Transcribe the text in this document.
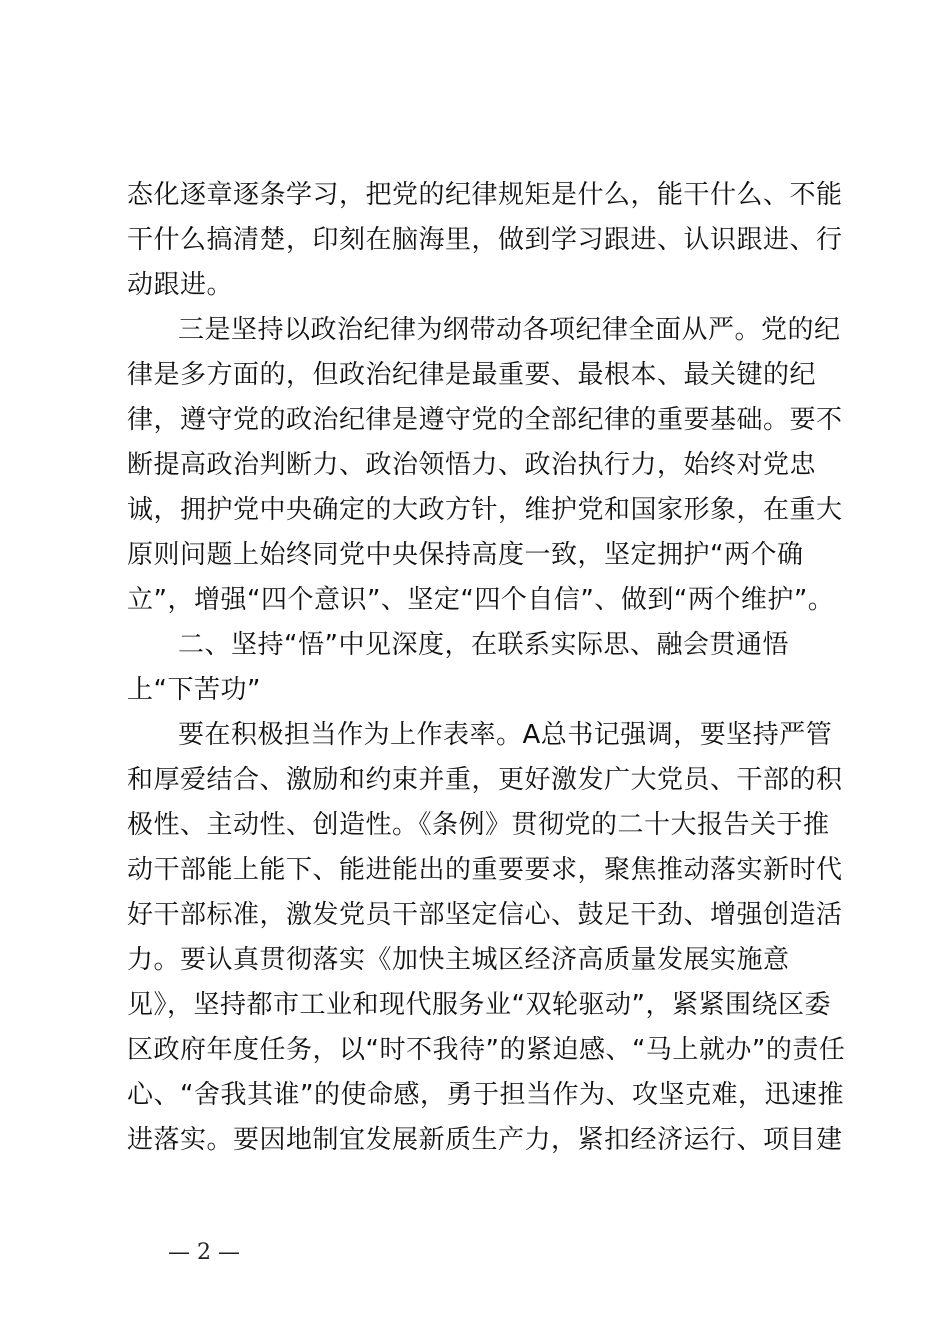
态化逐章逐条学习，把党的纪律规矩是什么，能干什么、不能
干什么搞清楚，印刻在脑海里，做到学习跟进、认识跟进、行
动跟进。
三是坚持以政治纪律为纲带动各项纪律全面从严。党的纪
律是多方面的，但政治纪律是最重要、最根本、最关键的纪
律，遵守党的政治纪律是遵守党的全部纪律的重要基础。要不
断提高政治判断力、政治领悟力、政治执行力，始终对党忠
诚，拥护党中央确定的大政方针，维护党和国家形象，在重大
原则问题上始终同党中央保持高度一致，坚定拥护“两个确
立”，增强“四个意识”、坚定“四个自信”、做到“两个维护”。
二、坚持“悟”中见深度，在联系实际思、融会贯通悟
上“下苦功”
要在积极担当作为上作表率。A总书记强调，要坚持严管
和厚爱结合、激励和约束并重，更好激发广大党员、干部的积
极性、主动性、创造性。《条例》贯彻党的二十大报告关于推
动干部能上能下、能进能出的重要要求，聚焦推动落实新时代
好干部标准，激发党员干部坚定信心、鼓足干劲、增强创造活
力。要认真贯彻落实《加快主城区经济高质量发展实施意
见》，坚持都市工业和现代服务业“双轮驱动”，紧紧围绕区委
区政府年度任务，以“时不我待”的紧迫感、“马上就办”的责任
心、“舍我其谁”的使命感，勇于担当作为、攻坚克难，迅速推
进落实。要因地制宜发展新质生产力，紧扣经济运行、项目建
— 2 —
